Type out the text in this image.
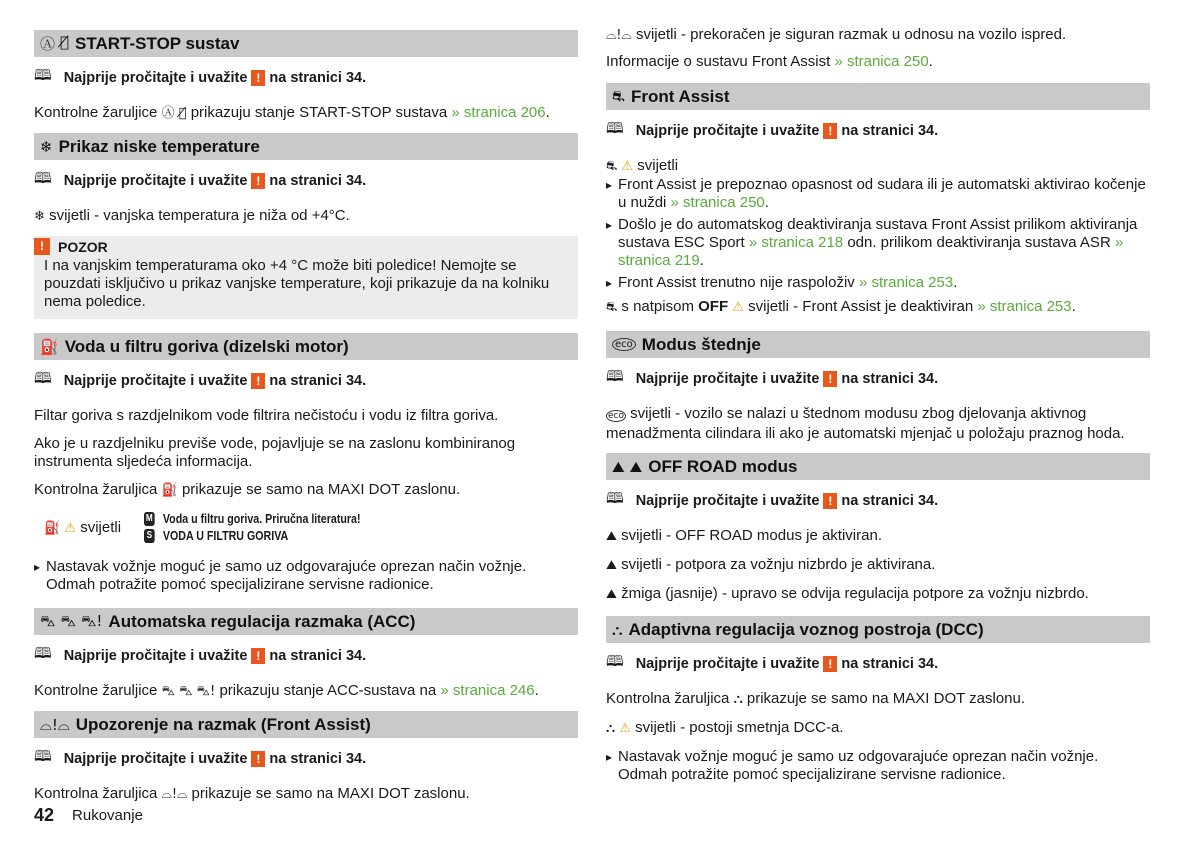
Ⓐ Ⓐ̸ START-STOP sustav
🕮 Najprije pročitajte i uvažite ! na stranici 34.

Kontrolne žaruljice Ⓐ Ⓐ̸ prikazuju stanje START-STOP sustava » stranica 206.

❄ Prikaz niske temperature
🕮 Najprije pročitajte i uvažite ! na stranici 34.

❄ svijetli - vanjska temperatura je niža od +4°C.

!	POZOR

I na vanjskim temperaturama oko +4 °C može biti poledice! Nemojte se pouzdati isključivo u prikaz vanjske temperature, koji prikazuje da na kolniku nema poledice.

⛽ Voda u filtru goriva (dizelski motor)
🕮 Najprije pročitajte i uvažite ! na stranici 34.

Filtar goriva s razdjelnikom vode filtrira nečistoću i vodu iz filtra goriva.

Ako je u razdjelniku previše vode, pojavljuje se na zaslonu kombiniranog instrumenta sljedeća informacija.

Kontrolna žaruljica ⛽ prikazuje se samo na MAXI DOT zaslonu.

⛽ ⚠ svijetli
M Voda u filtru goriva. Priručna literatura!
S VODA U FILTRU GORIVA
▸ Nastavak vožnje moguć je samo uz odgovarajuće oprezan način vožnje. Odmah potražite pomoć specijalizirane servisne radionice.
⛍ ⛍ ⛍! Automatska regulacija razmaka (ACC)
🕮 Najprije pročitajte i uvažite ! na stranici 34.

Kontrolne žaruljice ⛍ ⛍ ⛍! prikazuju stanje ACC-sustava na » stranica 246.

⌓!⌓ Upozorenje na razmak (Front Assist)
🕮 Najprije pročitajte i uvažite ! na stranici 34.

Kontrolna žaruljica ⌓!⌓ prikazuje se samo na MAXI DOT zaslonu.

⌓!⌓ svijetli - prekoračen je siguran razmak u odnosu na vozilo ispred.

Informacije o sustavu Front Assist » stranica 250.

⛐ Front Assist
🕮 Najprije pročitajte i uvažite ! na stranici 34.

⛐ ⚠ svijetli

▸ Front Assist je prepoznao opasnost od sudara ili je automatski aktivirao kočenje u nuždi » stranica 250.
▸ Došlo je do automatskog deaktiviranja sustava Front Assist prilikom aktiviranja sustava ESC Sport » stranica 218 odn. prilikom deaktiviranja sustava ASR » stranica 219.
▸ Front Assist trenutno nije raspoloživ » stranica 253.

⛐ s natpisom OFF ⚠ svijetli - Front Assist je deaktiviran » stranica 253.

eco Modus štednje
🕮 Najprije pročitajte i uvažite ! na stranici 34.

eco svijetli - vozilo se nalazi u štednom modusu zbog djelovanja aktivnog menadžmenta cilindara ili ako je automatski mjenjač u položaju praznog hoda.

⛰ ⛰ OFF ROAD modus
🕮 Najprije pročitajte i uvažite ! na stranici 34.

⛰ svijetli - OFF ROAD modus je aktiviran.

⛰ svijetli - potpora za vožnju nizbrdo je aktivirana.

⛰ žmiga (jasnije) - upravo se odvija regulacija potpore za vožnju nizbrdo.

⛬ Adaptivna regulacija voznog postroja (DCC)
🕮 Najprije pročitajte i uvažite ! na stranici 34.

Kontrolna žaruljica ⛬ prikazuje se samo na MAXI DOT zaslonu.

⛬ ⚠ svijetli - postoji smetnja DCC-a.

▸ Nastavak vožnje moguć je samo uz odgovarajuće oprezan način vožnje. Odmah potražite pomoć specijalizirane servisne radionice.
42 Rukovanje
